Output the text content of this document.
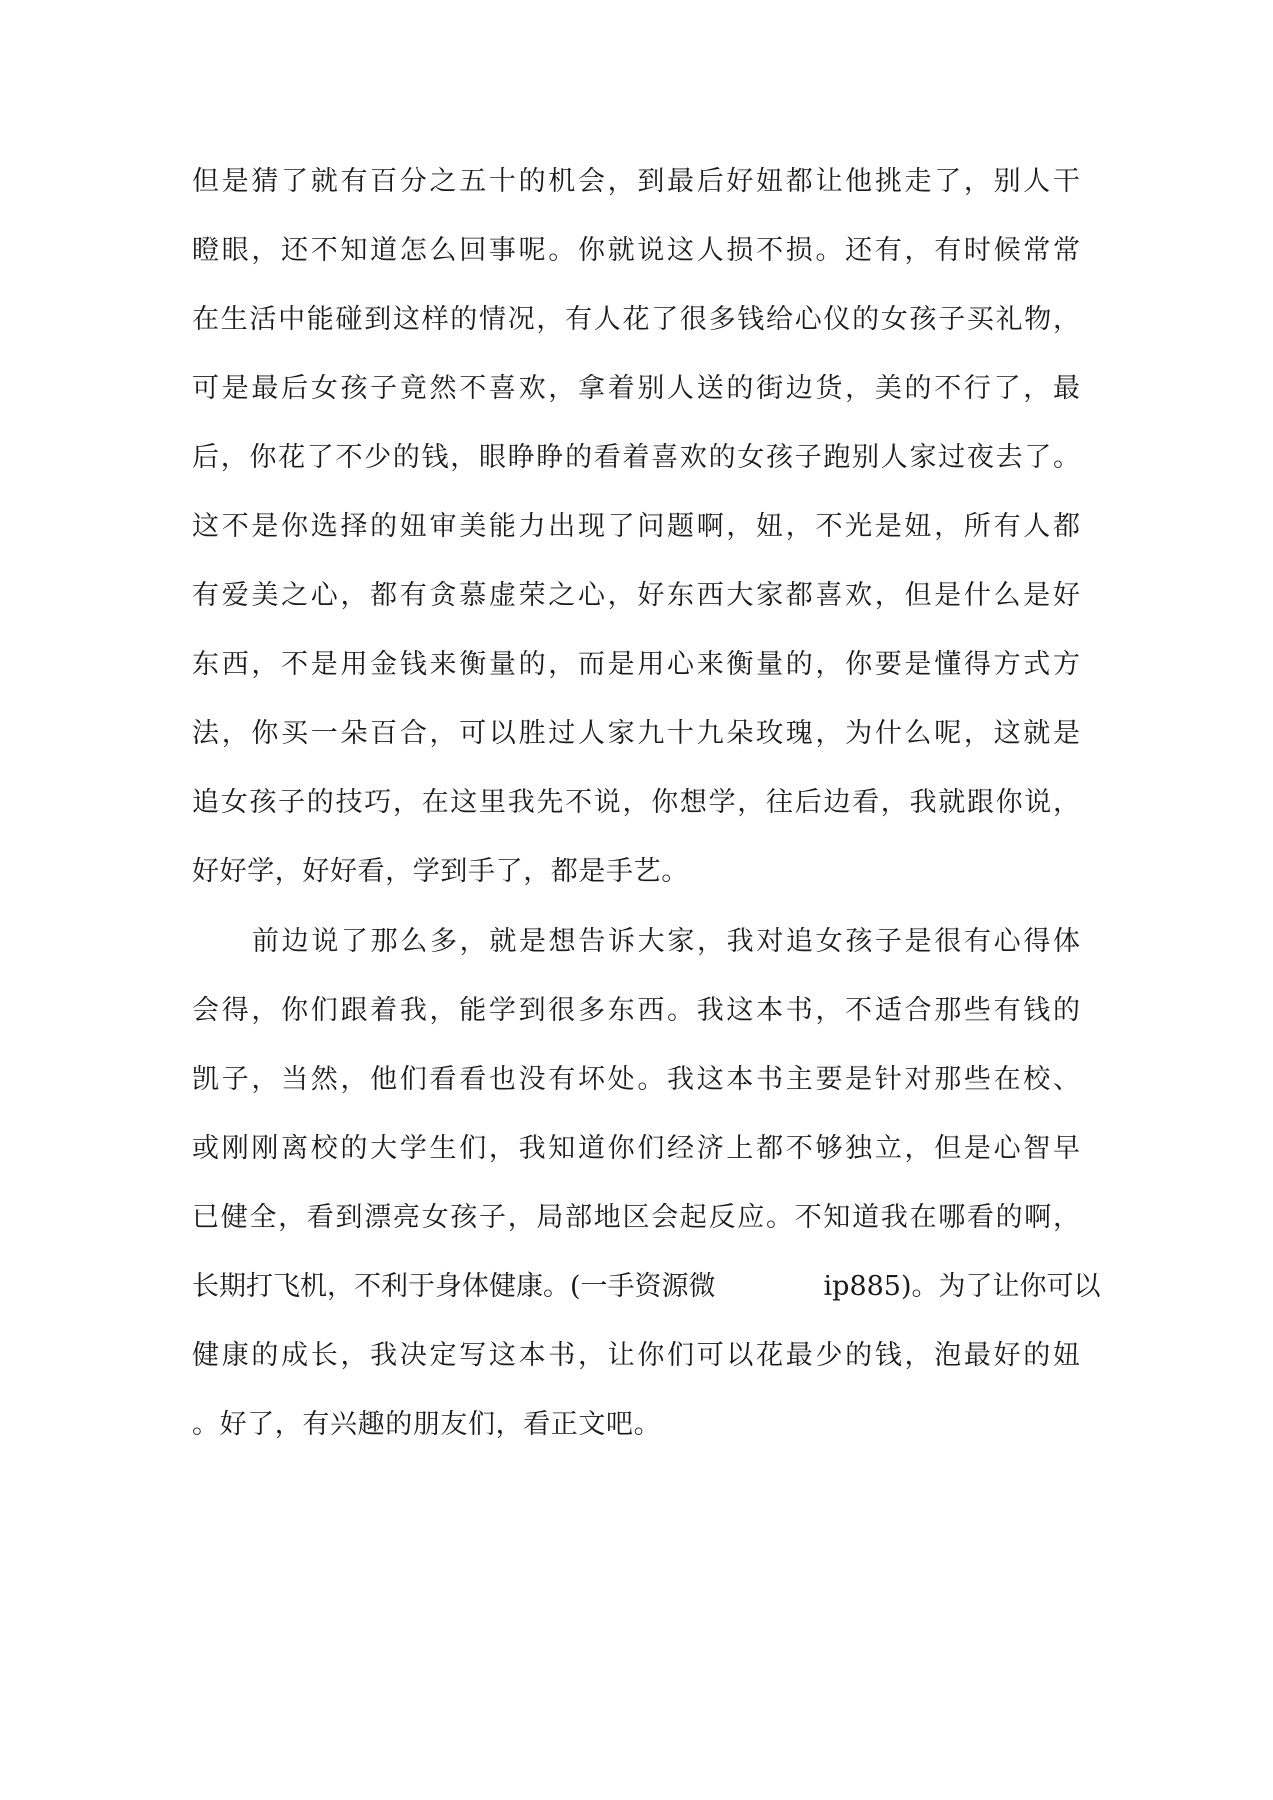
但是猜了就有百分之五十的机会，到最后好妞都让他挑走了，别人干
瞪眼，还不知道怎么回事呢。你就说这人损不损。还有，有时候常常
在生活中能碰到这样的情况，有人花了很多钱给心仪的女孩子买礼物，
可是最后女孩子竟然不喜欢，拿着别人送的街边货，美的不行了，最
后，你花了不少的钱，眼睁睁的看着喜欢的女孩子跑别人家过夜去了。
这不是你选择的妞审美能力出现了问题啊，妞，不光是妞，所有人都
有爱美之心，都有贪慕虚荣之心，好东西大家都喜欢，但是什么是好
东西，不是用金钱来衡量的，而是用心来衡量的，你要是懂得方式方
法，你买一朵百合，可以胜过人家九十九朵玫瑰，为什么呢，这就是
追女孩子的技巧，在这里我先不说，你想学，往后边看，我就跟你说，
好好学，好好看，学到手了，都是手艺。
前边说了那么多，就是想告诉大家，我对追女孩子是很有心得体
会得，你们跟着我，能学到很多东西。我这本书，不适合那些有钱的
凯子，当然，他们看看也没有坏处。我这本书主要是针对那些在校、
或刚刚离校的大学生们，我知道你们经济上都不够独立，但是心智早
已健全，看到漂亮女孩子，局部地区会起反应。不知道我在哪看的啊，
长期打飞机，不利于身体健康。(一手资源微　　　　ip885)。为了让你可以
健康的成长，我决定写这本书，让你们可以花最少的钱，泡最好的妞
。好了，有兴趣的朋友们，看正文吧。
